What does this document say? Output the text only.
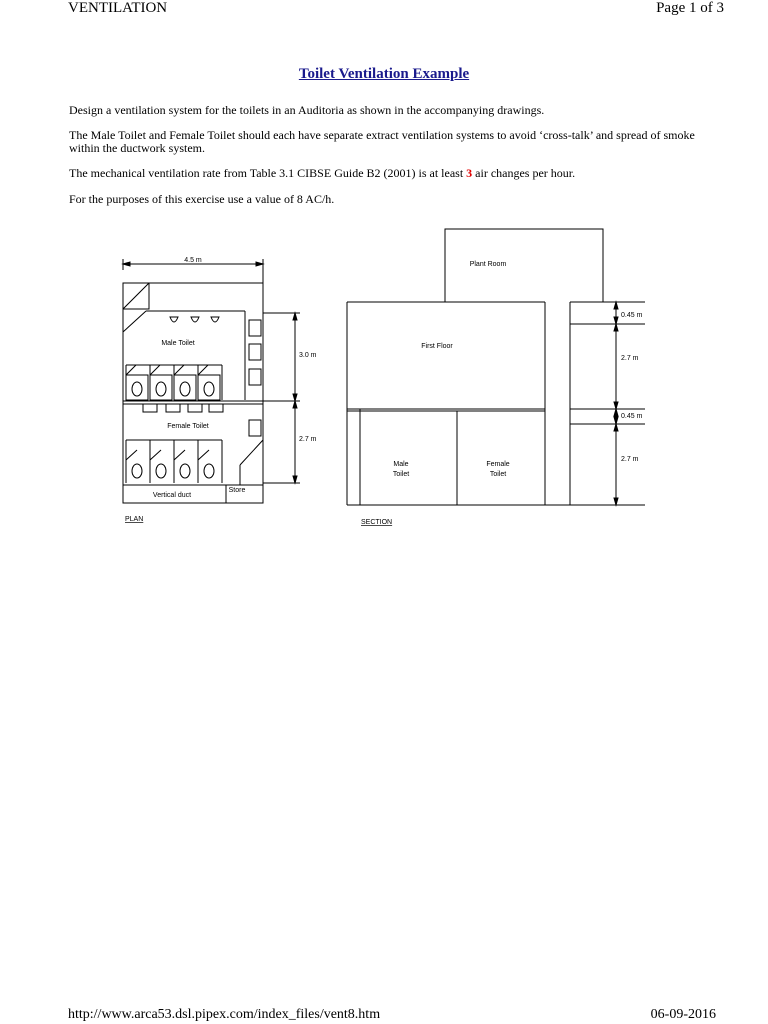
VENTILATION	Page 1 of 3
Toilet Ventilation Example
Design a ventilation system for the toilets in an Auditoria as shown in the accompanying drawings.
The Male Toilet and Female Toilet should each have separate extract ventilation systems to avoid ‘cross-talk’ and spread of smoke within the ductwork system.
The mechanical ventilation rate from Table 3.1 CIBSE Guide B2 (2001) is at least 3 air changes per hour.
For the purposes of this exercise use a value of 8 AC/h.
4.5 m
Male Toilet
Female Toilet
3.0 m
2.7 m
Vertical duct
Store
PLAN
Plant Room
First Floor
0.45 m
2.7 m
0.45 m
2.7 m
Male
Toilet
Female
Toilet
SECTION
http://www.arca53.dsl.pipex.com/index_files/vent8.htm	06-09-2016
